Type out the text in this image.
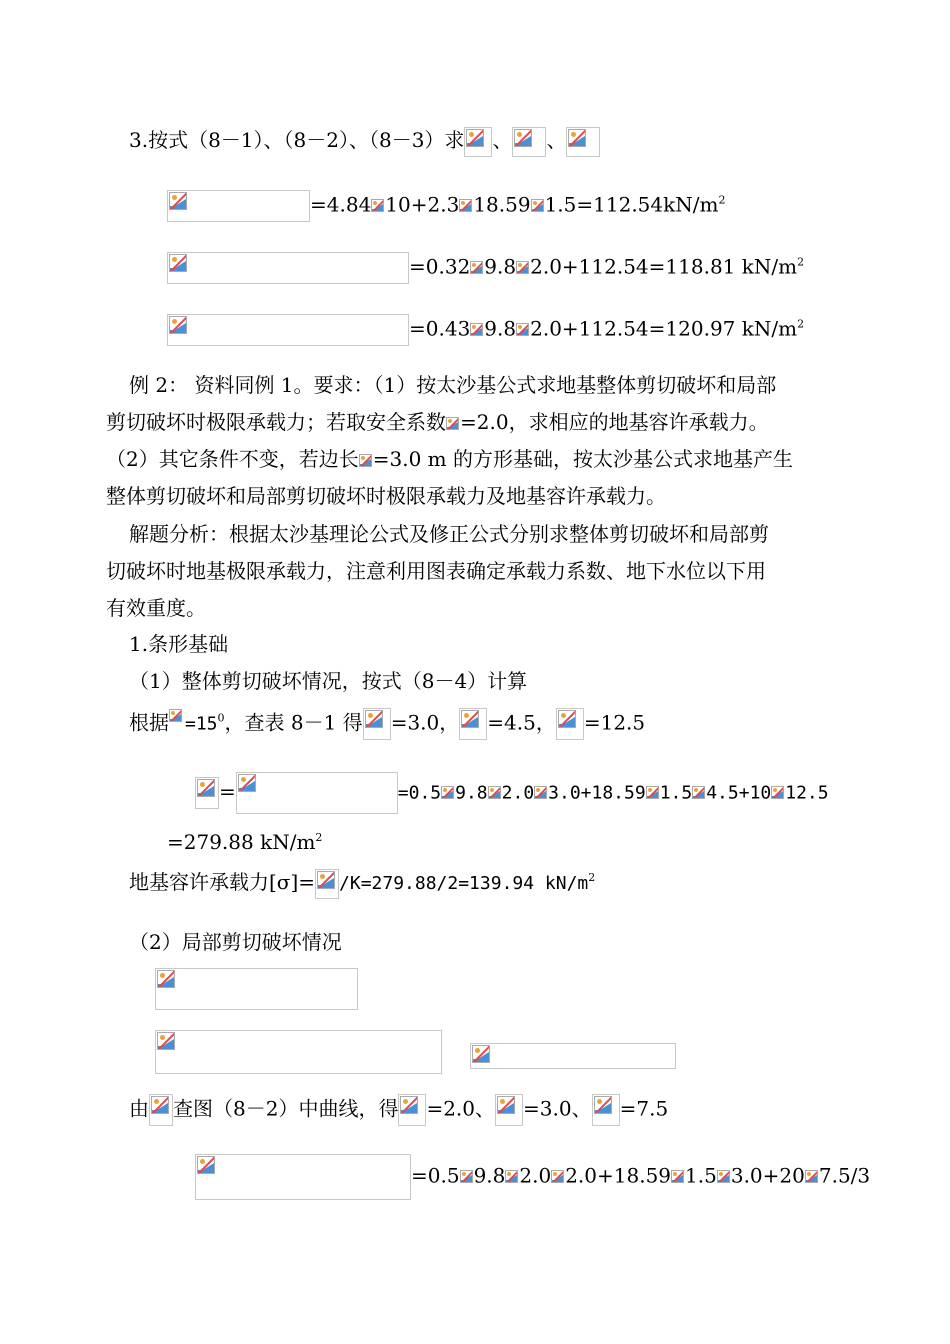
3.按式（8－1）、（8－2）、（8－3）求 、 、
=4.84 10+2.3 18.59 $1.5=112.54kN/m^2$
=0.32 9.8 2.0+112.54=118.81 $kN/m^2$
=0.43 9.8 2.0+112.54=120.97 $kN/m^2$
例 2： 资料同例 1。要求：（1）按太沙基公式求地基整体剪切破坏和局部
剪切破坏时极限承载力；若取安全系数 =2.0，求相应的地基容许承载力。
（2）其它条件不变，若边长 =3.0 m 的方形基础，按太沙基公式求地基产生
整体剪切破坏和局部剪切破坏时极限承载力及地基容许承载力。
解题分析：根据太沙基理论公式及修正公式分别求整体剪切破坏和局部剪
切破坏时地基极限承载力，注意利用图表确定承载力系数、地下水位以下用
有效重度。
1.条形基础
（1）整体剪切破坏情况，按式（8－4）计算
根据 $=15^0$，查表 8－1 得 =3.0， =4.5， =12.5
=	=0.5 9.8 2.0 3.0+18.59 1.5 4.5+10 12.5
=279.88 $kN/m^2$
地基容许承载力[σ]= /K=279.88/2=139.94 $kN/m^2$
（2）局部剪切破坏情况
由 查图（8－2）中曲线，得 =2.0、 =3.0、 =7.5
=0.5 9.8 2.0 2.0+18.59 1.5 3.0+20 7.5/3
